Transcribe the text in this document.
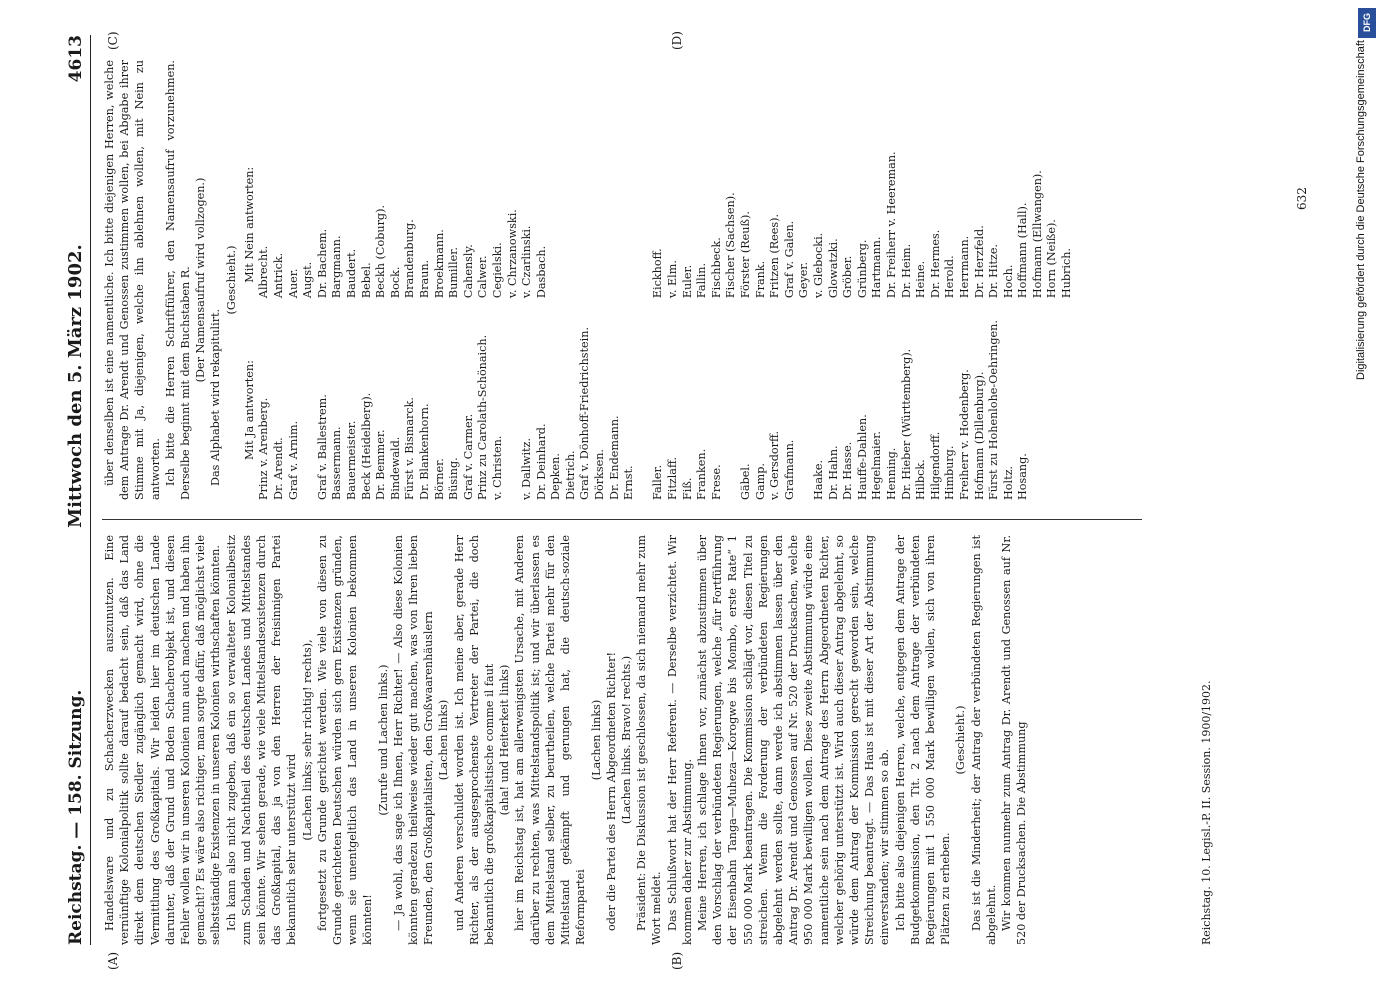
Reichstag. — 158. Sitzung.
Mittwoch den 5. März 1902.
4613
(A)	(B)
(C)	(D)

Handelsware und zu Schacherzwecken auszunutzen. Eine vernünftige Kolonialpolitik sollte darauf bedacht sein, daß das Land direkt dem deutschen Siedler zugänglich gemacht wird, ohne die Vermittlung des Großkapitals. Wir leiden hier im deutschen Lande darunter, daß der Grund und Boden Schacherobjekt ist, und diesen Fehler wollen wir in unseren Kolonien nun auch machen und haben ihn gemacht!? Es wäre also richtiger, man sorgte dafür, daß möglichst viele selbstständige Existenzen in unseren Kolonien wirthschaften könnten. Ich kann also nicht zugeben, daß ein so verwalteter Kolonialbesitz zum Schaden und Nachtheil des deutschen Landes und Mittelstandes sein könnte. Wir sehen gerade, wie viele Mittelstandsexistenzen durch das Großkapital, das ja von den Herren der freisinnigen Partei bekanntlich sehr unterstützt wird

(Lachen links; sehr richtig! rechts), fortgesetzt zu Grunde gerichtet werden. Wie viele von diesen zu Grunde gerichteten Deutschen würden sich gern Existenzen gründen, wenn sie unentgeltlich das Land in unseren Kolonien bekommen könnten!

(Zurufe und Lachen links.) — Ja wohl, das sage ich Ihnen, Herr Richter! — Also diese Kolonien könnten geradezu theilweise wieder gut machen, was von Ihren lieben Freunden, den Großkapitalisten, den Großwaarenhäuslern (Lachen links) und Anderen verschuldet worden ist. Ich meine aber, gerade Herr Richter, als der ausgesprochenste Vertreter der Partei, die doch bekanntlich die großkapitalistische comme il faut (aha! und Heiterkeit links) hier im Reichstag ist, hat am allerwenigsten Ursache, mit Anderen darüber zu rechten, was Mittelstandspolitik ist; und wir überlassen es dem Mittelstand selber, zu beurtheilen, welche Partei mehr für den Mittelstand gekämpft und gerungen hat, die deutsch-soziale Reformpartei

(Lachen links) oder die Partei des Herrn Abgeordneten Richter! (Lachen links. Bravo! rechts.) Präsident: Die Diskussion ist geschlossen, da sich niemand mehr zum Wort meldet. Das Schlußwort hat der Herr Referent. — Derselbe verzichtet. Wir kommen daher zur Abstimmung. Meine Herren, ich schlage Ihnen vor, zunächst abzustimmen über den Vorschlag der verbündeten Regierungen, welche „für Fortführung der Eisenbahn Tanga—Muheza—Korogwe bis Mombo, erste Rate“ 1 550 000 Mark beantragen. Die Kommission schlägt vor, diesen Titel zu streichen. Wenn die Forderung der verbündeten Regierungen abgelehnt werden sollte, dann werde ich abstimmen lassen über den Antrag Dr. Arendt und Genossen auf Nr. 520 der Drucksachen, welche 950 000 Mark bewilligen wollen. Diese zweite Abstimmung würde eine namentliche sein nach dem Antrage des Herrn Abgeordneten Richter, welcher gehörig unterstützt ist. Wird auch dieser Antrag abgelehnt, so würde dem Antrag der Kommission gerecht geworden sein, welche Streichung beantragt. — Das Haus ist mit dieser Art der Abstimmung einverstanden; wir stimmen so ab. Ich bitte also diejenigen Herren, welche, entgegen dem Antrage der Budgetkommission, den Tit. 2 nach dem Antrage der verbündeten Regierungen mit 1 550 000 Mark bewilligen wollen, sich von ihren Plätzen zu erheben.

(Geschieht.) Das ist die Minderheit; der Antrag der verbündeten Regierungen ist abgelehnt. Wir kommen nunmehr zum Antrag Dr. Arendt und Genossen auf Nr. 520 der Drucksachen. Die Abstimmung

über denselben ist eine namentliche. Ich bitte diejenigen Herren, welche dem Antrage Dr. Arendt und Genossen zustimmen wollen, bei Abgabe ihrer Stimme mit Ja, diejenigen, welche ihn ablehnen wollen, mit Nein zu antworten. Ich bitte die Herren Schriftführer, den Namensaufruf vorzunehmen. Derselbe beginnt mit dem Buchstaben R. (Der Namensaufruf wird vollzogen.)

Das Alphabet wird rekapitulirt.

(Geschieht.)

Mit Ja antworten: Prinz v. Arenberg. Dr. Arendt. Graf v. Arnim.
Graf v. Ballestrem. Bassermann. Bauermeister. Beck (Heidelberg). Dr. Bemmer. Bindewald. Fürst v. Bismarck. Dr. Blankenhorn. Börner. Büsing. Graf v. Carmer. Prinz zu Carolath-Schönaich. v. Christen.
v. Dallwitz. Dr. Deinhard. Depken. Dietrich. Graf v. Dönhoff-Friedrichstein. Dörksen. Dr. Endemann. Ernst.
Faller. Fitzlaff. Fiß. Franken. Frese.
Gäbel. Gamp. v. Gersdorff. Grafmann.
Haake. Dr. Hahn. Dr. Hasse. Hauffe-Dahlen. Hegelmaier. Henning. Dr. Hieber (Württemberg). Hilbck. Hilgendorff. Himburg. Freiherr v. Hodenberg. Hofmann (Dillenburg). Fürst zu Hohenlohe-Oehringen. Holtz. Hosang.
Mit Nein antworten: Albrecht. Antrick. Auer. Augst. Dr. Bachem. Bargmann. Baudert. Bebel. Beckh (Coburg). Bock. Brandenburg. Braun. Broekmann. Bumiller. Cahensly. Calwer. Cegielski. v. Chrzanowski. v. Czarlinski. Dasbach.

	Eickhoff. v. Elm. Euler. Fallin. Fischbeck. Fischer (Sachsen). Förster (Reuß). Frank. Fritzen (Rees). Graf v. Galen. Geyer. v. Glebocki. Glowatzki. Gröber. Grünberg. Hartmann. Dr. Freiherr v. Heereman. Dr. Heim. Heine. Dr. Hermes. Herold. Herrmann. Dr. Herzfeld. Dr. Hitze. Hoch. Hoffmann (Hall). Hofmann (Ellwangen). Horn (Neiße). Hubrich.
Reichstag. 10. Legisl.-P. II. Session. 1900/1902.
632
DFG
Digitalisierung gefördert durch die Deutsche Forschungsgemeinschaft
